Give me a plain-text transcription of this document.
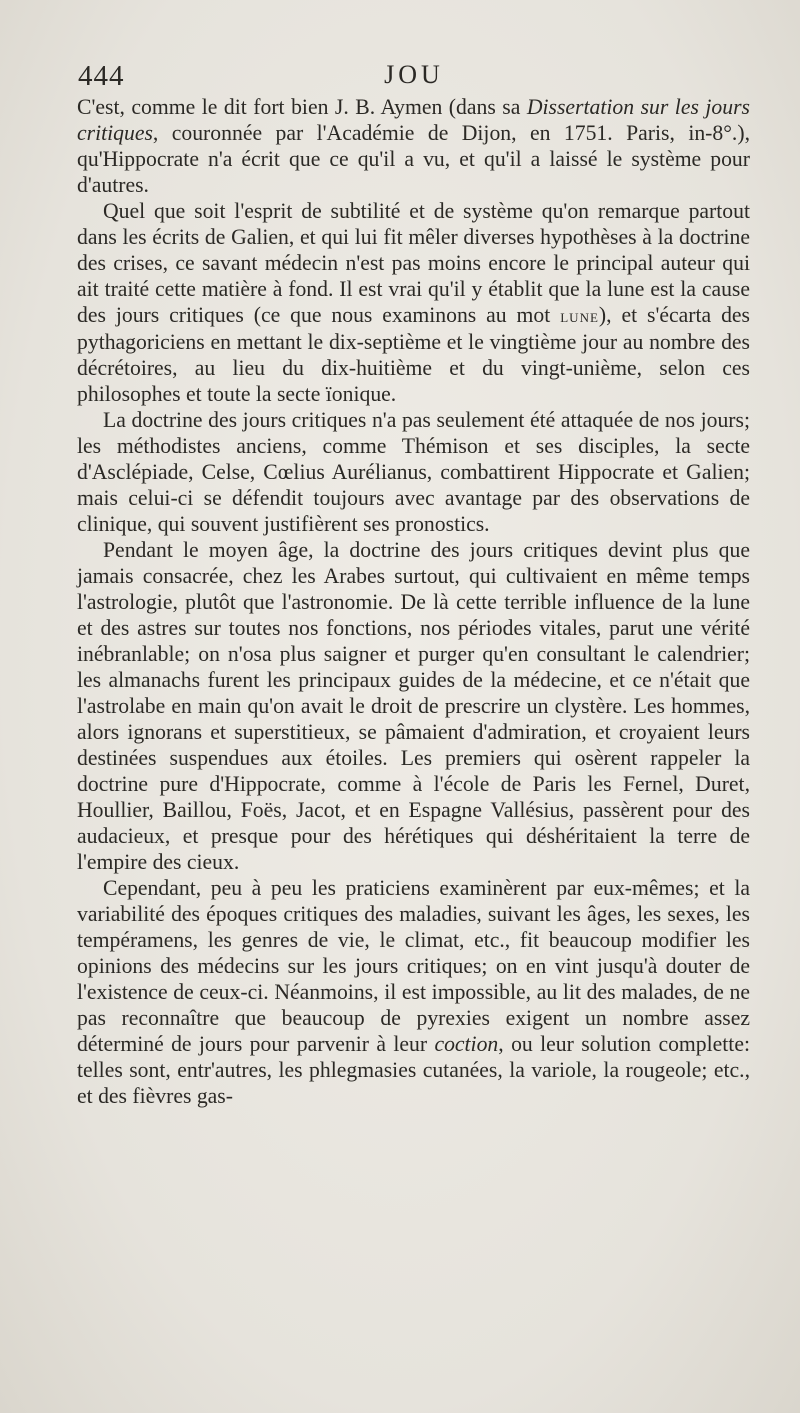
444	JOU

C'est, comme le dit fort bien J. B. Aymen (dans sa Dissertation sur les jours critiques, couronnée par l'Académie de Dijon, en 1751. Paris, in-8°.), qu'Hippocrate n'a écrit que ce qu'il a vu, et qu'il a laissé le système pour d'autres.

Quel que soit l'esprit de subtilité et de système qu'on remarque partout dans les écrits de Galien, et qui lui fit mêler diverses hypothèses à la doctrine des crises, ce savant médecin n'est pas moins encore le principal auteur qui ait traité cette matière à fond. Il est vrai qu'il y établit que la lune est la cause des jours critiques (ce que nous examinons au mot lune), et s'écarta des pythagoriciens en mettant le dix-septième et le vingtième jour au nombre des décrétoires, au lieu du dix-huitième et du vingt-unième, selon ces philosophes et toute la secte ïonique.

La doctrine des jours critiques n'a pas seulement été attaquée de nos jours; les méthodistes anciens, comme Thémison et ses disciples, la secte d'Asclépiade, Celse, Cœlius Aurélianus, combattirent Hippocrate et Galien; mais celui-ci se défendit toujours avec avantage par des observations de clinique, qui souvent justifièrent ses pronostics.

Pendant le moyen âge, la doctrine des jours critiques devint plus que jamais consacrée, chez les Arabes surtout, qui cultivaient en même temps l'astrologie, plutôt que l'astronomie. De là cette terrible influence de la lune et des astres sur toutes nos fonctions, nos périodes vitales, parut une vérité inébranlable; on n'osa plus saigner et purger qu'en consultant le calendrier; les almanachs furent les principaux guides de la médecine, et ce n'était que l'astrolabe en main qu'on avait le droit de prescrire un clystère. Les hommes, alors ignorans et superstitieux, se pâmaient d'admiration, et croyaient leurs destinées suspendues aux étoiles. Les premiers qui osèrent rappeler la doctrine pure d'Hippocrate, comme à l'école de Paris les Fernel, Duret, Houllier, Baillou, Foës, Jacot, et en Espagne Vallésius, passèrent pour des audacieux, et presque pour des hérétiques qui déshéritaient la terre de l'empire des cieux.

Cependant, peu à peu les praticiens examinèrent par eux-mêmes; et la variabilité des époques critiques des maladies, suivant les âges, les sexes, les tempéramens, les genres de vie, le climat, etc., fit beaucoup modifier les opinions des médecins sur les jours critiques; on en vint jusqu'à douter de l'existence de ceux-ci. Néanmoins, il est impossible, au lit des malades, de ne pas reconnaître que beaucoup de pyrexies exigent un nombre assez déterminé de jours pour parvenir à leur coction, ou leur solution complette: telles sont, entr'autres, les phlegmasies cutanées, la variole, la rougeole; etc., et des fièvres gas-
